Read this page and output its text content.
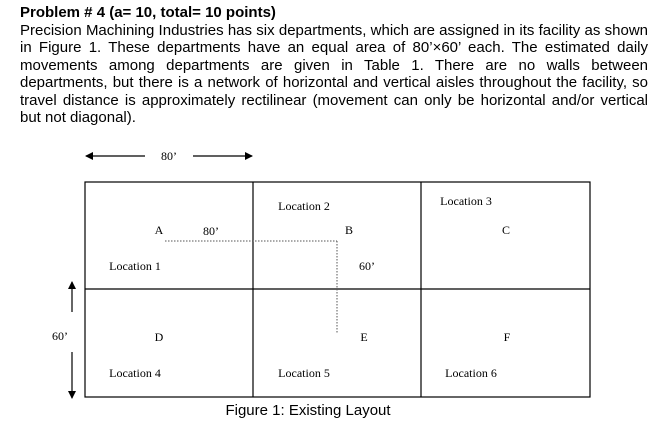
Problem # 4 (a= 10, total= 10 points)
Precision Machining Industries has six departments, which are assigned in its facility as shown in Figure 1. These departments have an equal area of 80’×60’ each. The estimated daily movements among departments are given in Table 1. There are no walls between departments, but there is a network of horizontal and vertical aisles throughout the facility, so travel distance is approximately rectilinear (movement can only be horizontal and/or vertical but not diagonal).
80’
60’
80’
60’
Location 1
Location 2	Location 3
Location 4	Location 5	Location 6
A	B	C
D	E	F
Figure 1: Existing Layout
